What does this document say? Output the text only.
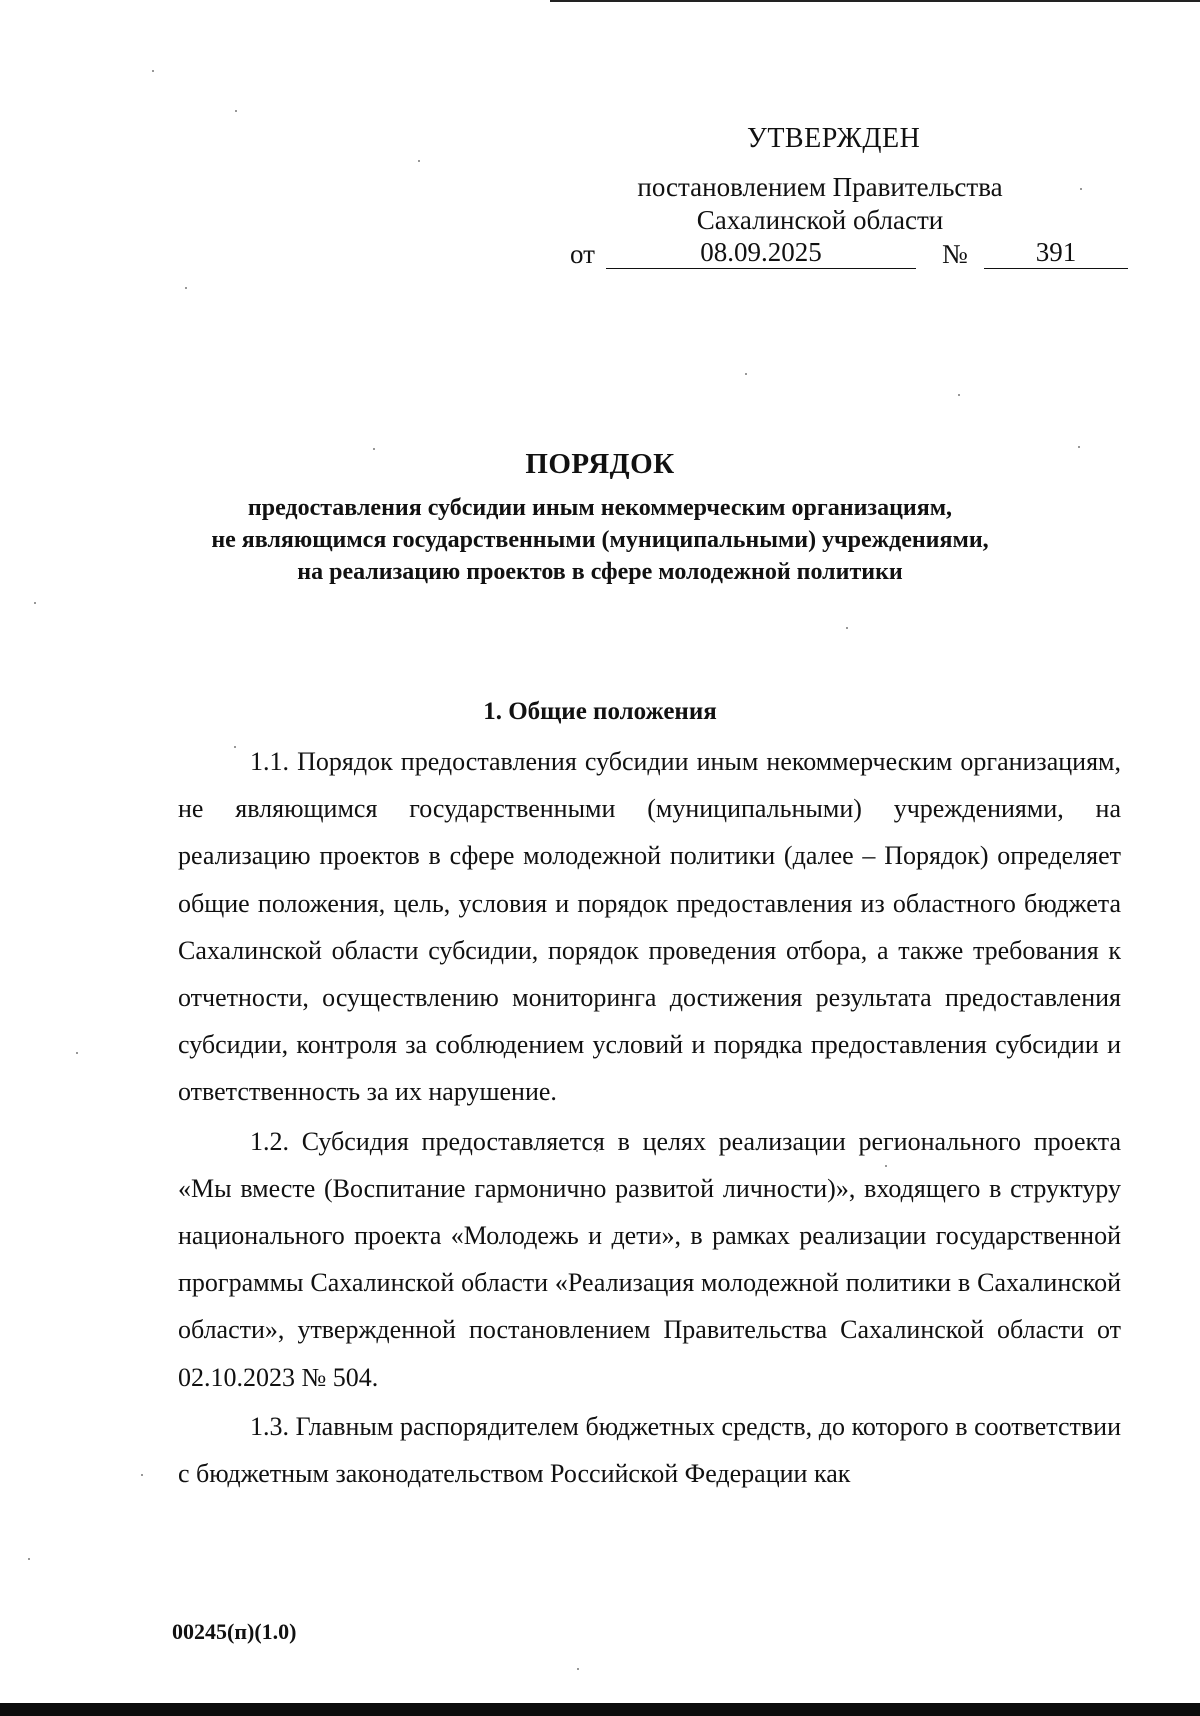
УТВЕРЖДЕН
постановлением Правительства
Сахалинской области
от	08.09.2025	№	391
ПОРЯДОК
предоставления субсидии иным некоммерческим организациям,
не являющимся государственными (муниципальными) учреждениями,
на реализацию проектов в сфере молодежной политики
1. Общие положения

1.1. Порядок предоставления субсидии иным некоммерческим организациям, не являющимся государственными (муниципальными) учреждениями, на реализацию проектов в сфере молодежной политики (далее – Порядок) определяет общие положения, цель, условия и порядок предоставления из областного бюджета Сахалинской области субсидии, порядок проведения отбора, а также требования к отчетности, осуществлению мониторинга достижения результата предоставления субсидии, контроля за соблюдением условий и порядка предоставления субсидии и ответственность за их нарушение.

1.2. Субсидия предоставляется в целях реализации регионального проекта «Мы вместе (Воспитание гармонично развитой личности)», входящего в структуру национального проекта «Молодежь и дети», в рамках реализации государственной программы Сахалинской области «Реализация молодежной политики в Сахалинской области», утвержденной постановлением Правительства Сахалинской области от 02.10.2023 № 504.

1.3. Главным распорядителем бюджетных средств, до которого в соответствии с бюджетным законодательством Российской Федерации как

00245(п)(1.0)
